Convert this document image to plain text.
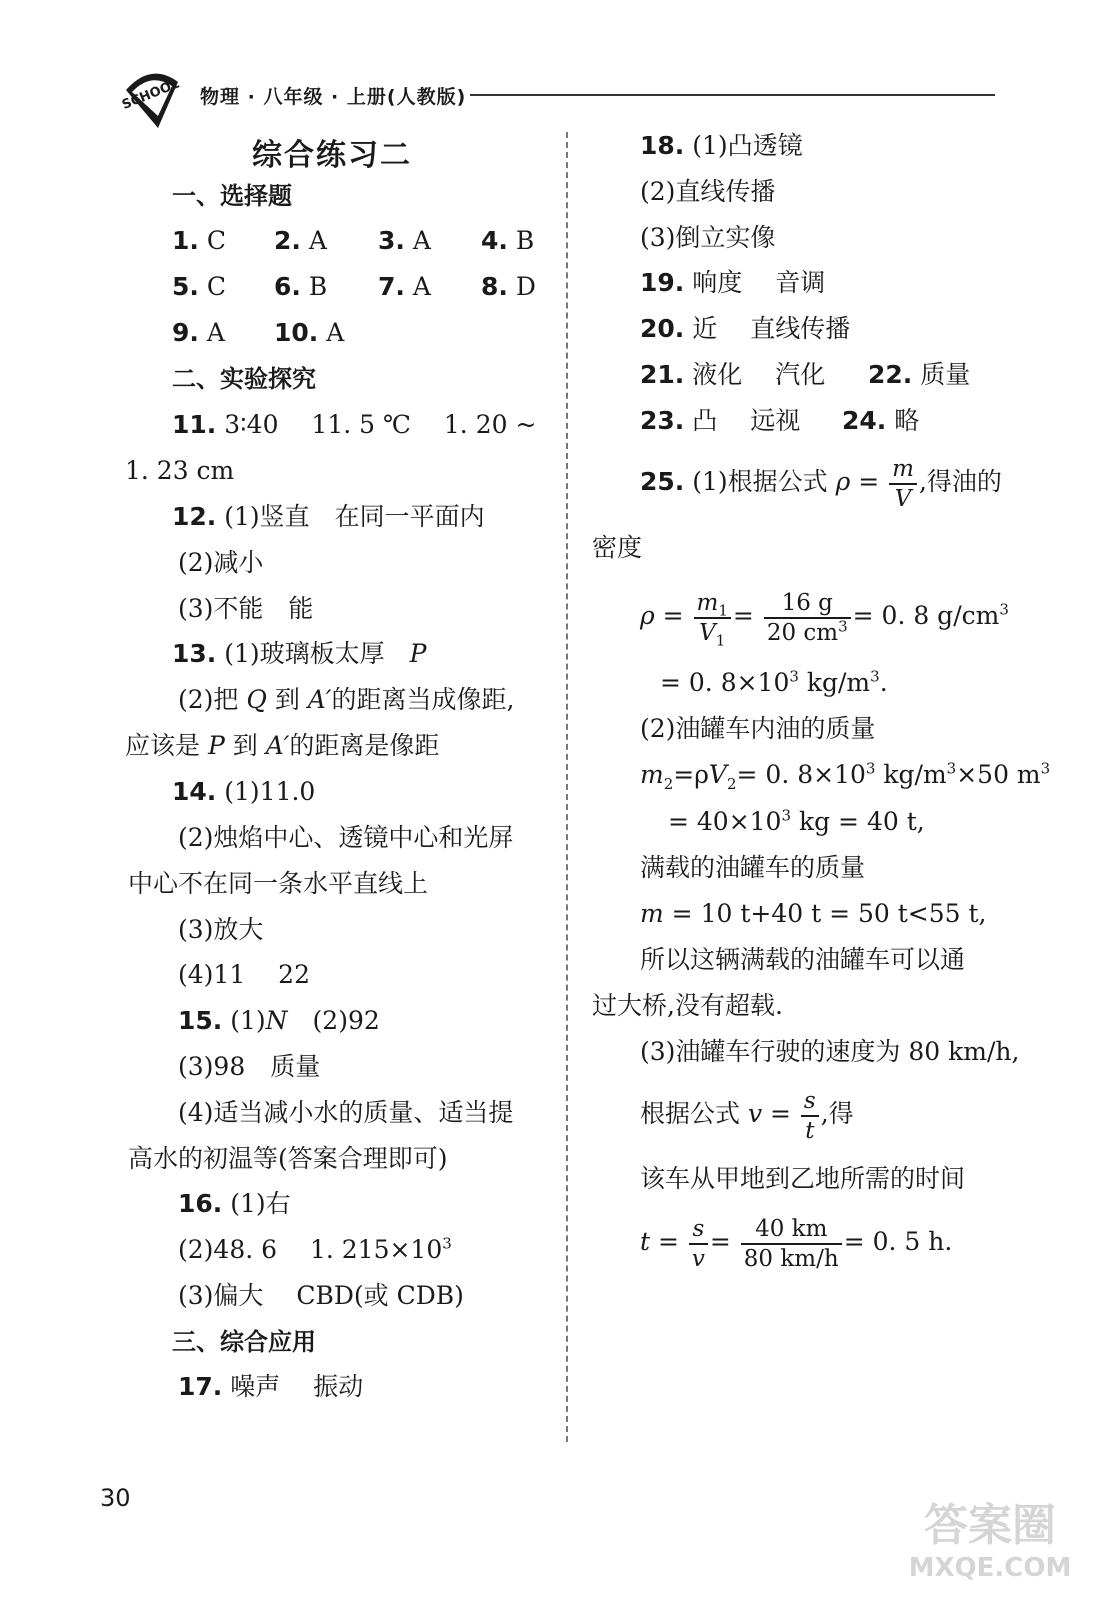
SCHOOL 物理 · 八年级 · 上册(人教版)
综合练习二
一、选择题
1. C 2. A 3. A 4. B
5. C 6. B 7. A 8. D
9. A 10. A
二、实验探究
11. 3∶40　 11. 5 ℃　 1. 20 ~
1. 23 cm
12. (1)竖直　在同一平面内
(2)减小
(3)不能　能
13. (1)玻璃板太厚　P
(2)把 Q 到 A′的距离当成像距,
应该是 P 到 A′的距离是像距
14. (1)11.0
(2)烛焰中心、透镜中心和光屏
中心不在同一条水平直线上
(3)放大
(4)11　 22
15. (1)N　(2)92
(3)98　质量
(4)适当减小水的质量、适当提
高水的初温等(答案合理即可)
16. (1)右
(2)48. 6　 1. $215\times 10^3$
(3)偏大　 CBD(或 CDB)
三、综合应用
17. 噪声　 振动
18. (1)凸透镜
(2)直线传播
(3)倒立实像
19. 响度　 音调
20. 近　 直线传播
21. 液化　 汽化 22. 质量
23. 凸　 远视 24. 略
25. (1)根据公式 $\rho = \frac{m}{V}$ ,得油的
密度
$\rho = \frac{m_1}{V_1} = \frac{16 g}{20 cm^3} = 0$. 8 $g/cm^3$
= 0. $8\times 10^3$ $kg/m^3$.
(2)油罐车内油的质量
$m_2=\rho V_2= 0$. $8\times 10^3$ $kg/m^3\times 50$ $m^3$
= $40\times 10^3$ kg = 40 t,
满载的油罐车的质量
m = 10 t+40 t = 50 t<55 t,
所以这辆满载的油罐车可以通
过大桥,没有超载.
(3)油罐车行驶的速度为 80 km/h,
根据公式 $v = \frac{s}{t}$ ,得
该车从甲地到乙地所需的时间
$t = \frac{s}{v} = \frac{40 km}{80 km/h} = 0$. 5 h.
30
答案圈
MXQE.COM
